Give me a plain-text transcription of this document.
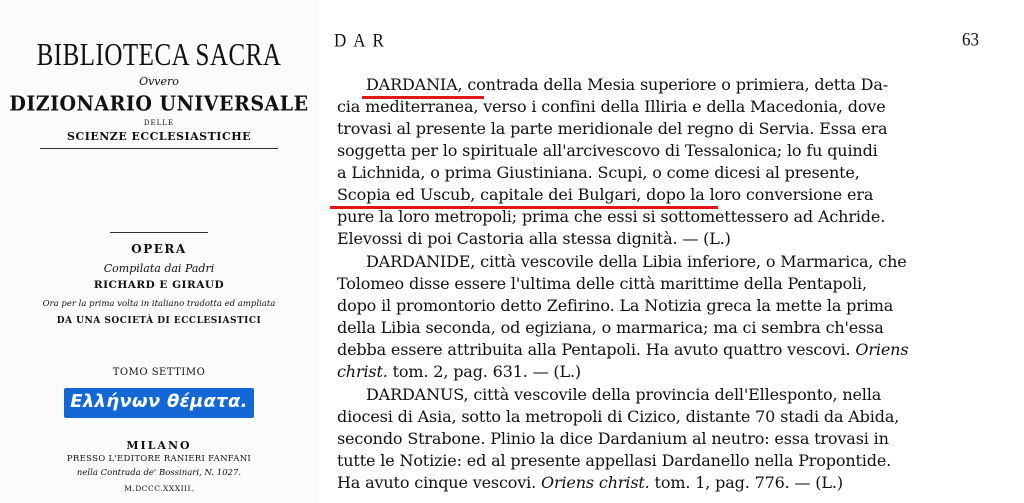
BIBLIOTECA SACRA
Ovvero
DIZIONARIO UNIVERSALE
DELLE
SCIENZE ECCLESIASTICHE
OPERA
Compilata dai Padri
RICHARD E GIRAUD
Ora per la prima volta in italiano tradotta ed ampliata
DA UNA SOCIETÀ DI ECCLESIASTICI
TOMO SETTIMO
Ελλήνων θέματα.
MILANO
PRESSO L'EDITORE RANIERI FANFANI
nella Contrada de' Bossinari, N. 1027.
M.DCCC.XXXIII.
DAR	63
DARDANIA, contrada della Mesia superiore o primiera, detta Da-
cia mediterranea, verso i confini della Illiria e della Macedonia, dove
trovasi al presente la parte meridionale del regno di Servia. Essa era
soggetta per lo spirituale all'arcivescovo di Tessalonica; lo fu quindi
a Lichnida, o prima Giustiniana. Scupi, o come dicesi al presente,
Scopia ed Uscub, capitale dei Bulgari, dopo la loro conversione era
pure la loro metropoli; prima che essi si sottomettessero ad Achride.
Elevossi di poi Castoria alla stessa dignità. — (L.)
DARDANIDE, città vescovile della Libia inferiore, o Marmarica, che
Tolomeo disse essere l'ultima delle città marittime della Pentapoli,
dopo il promontorio detto Zefirino. La Notizia greca la mette la prima
della Libia seconda, od egiziana, o marmarica; ma ci sembra ch'essa
debba essere attribuita alla Pentapoli. Ha avuto quattro vescovi. Oriens
christ. tom. 2, pag. 631. — (L.)
DARDANUS, città vescovile della provincia dell'Ellesponto, nella
diocesi di Asia, sotto la metropoli di Cizico, distante 70 stadi da Abida,
secondo Strabone. Plinio la dice Dardanium al neutro: essa trovasi in
tutte le Notizie: ed al presente appellasi Dardanello nella Propontide.
Ha avuto cinque vescovi. Oriens christ. tom. 1, pag. 776. — (L.)
